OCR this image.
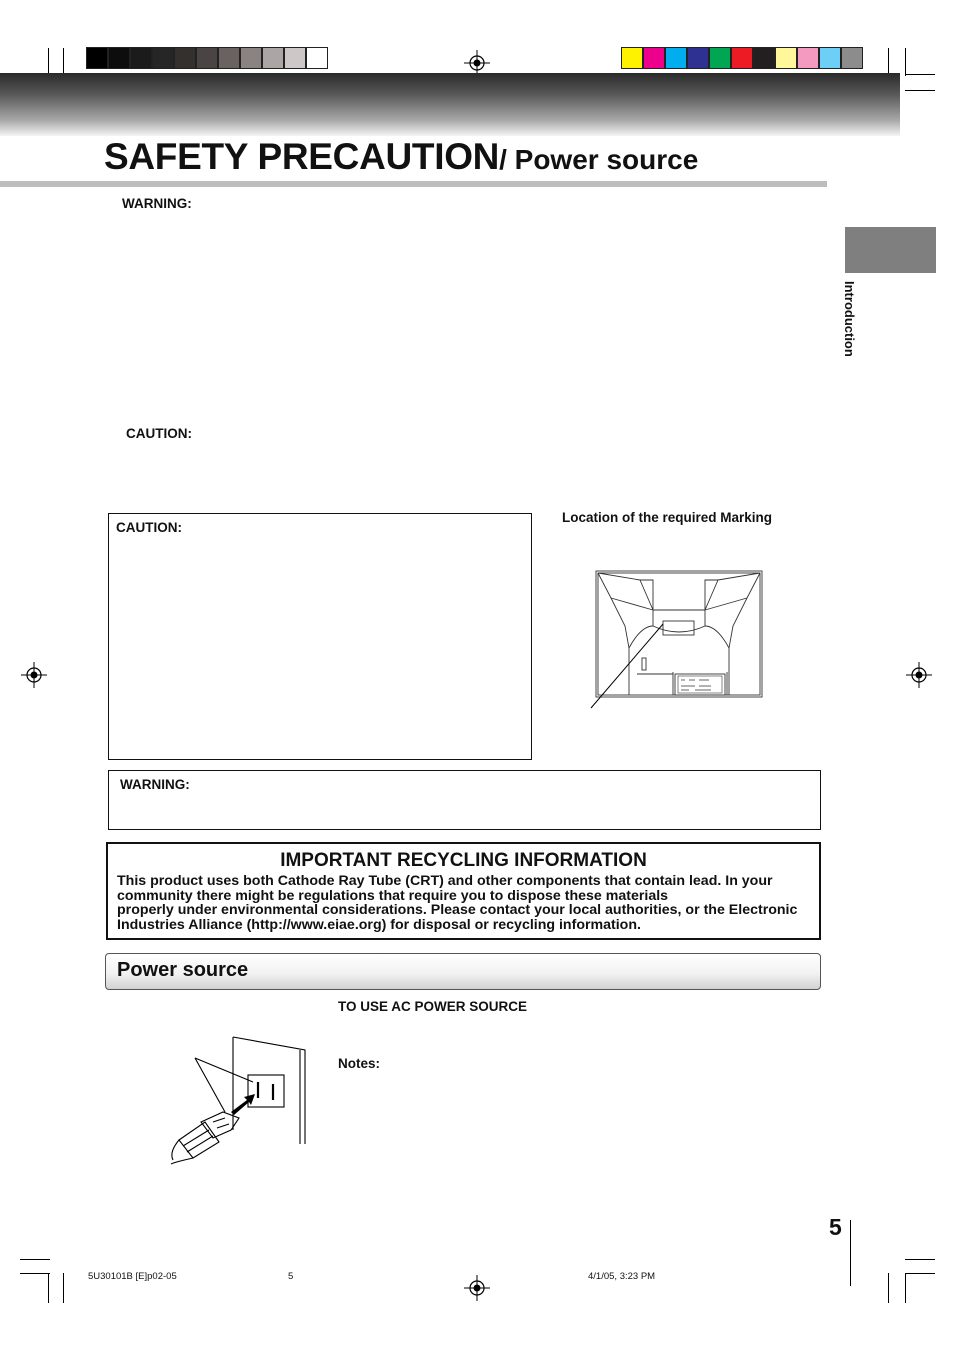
SAFETY PRECAUTION/ Power source
Introduction
WARNING:
CAUTION:
CAUTION:
Location of the required Marking
WARNING:
IMPORTANT RECYCLING INFORMATION
This product uses both Cathode Ray Tube (CRT) and other components that contain lead. In your
community there might be regulations that require you to dispose these materials
properly under environmental considerations. Please contact your local authorities, or the Electronic
Industries Alliance (http://www.eiae.org) for disposal or recycling information.
Power source
TO USE AC POWER SOURCE
Notes:
5
5U30101B [E]p02-05	5	4/1/05, 3:23 PM
